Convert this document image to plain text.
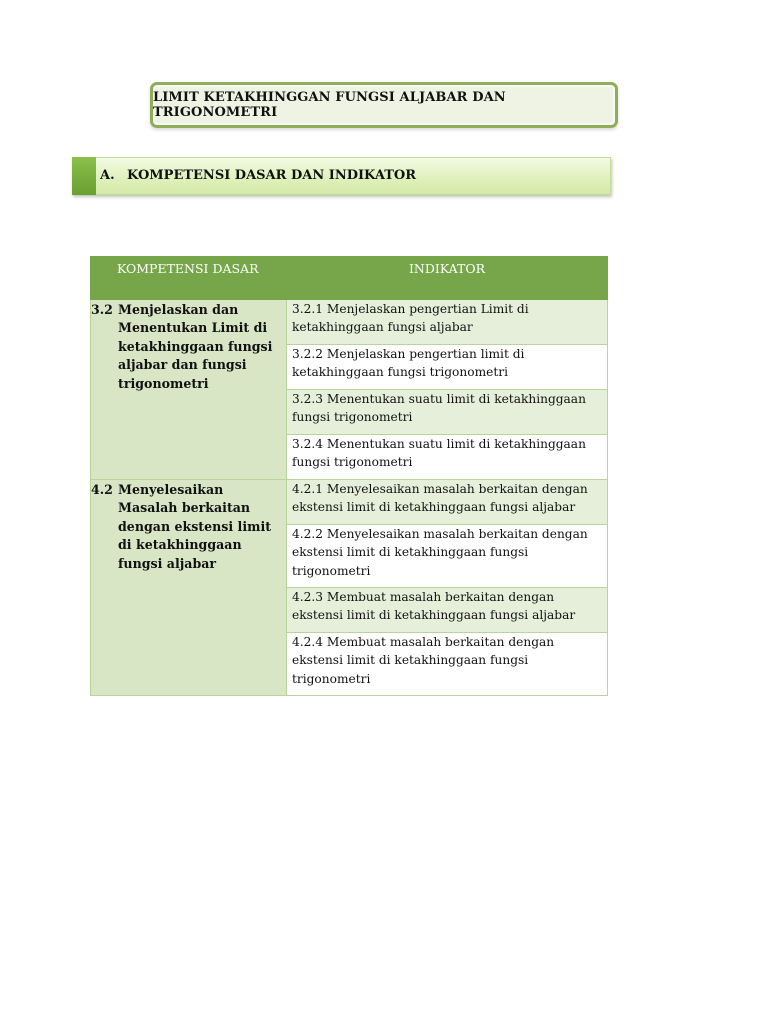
LIMIT KETAKHINGGAN FUNGSI ALJABAR DAN TRIGONOMETRI
A. KOMPETENSI DASAR DAN INDIKATOR
KOMPETENSI DASAR	INDIKATOR

3.2 Menjelaskan dan Menentukan Limit di ketakhinggaan fungsi aljabar dan fungsi trigonometri	3.2.1 Menjelaskan pengertian Limit di ketakhinggaan fungsi aljabar
	3.2.2 Menjelaskan pengertian limit di ketakhinggaan fungsi trigonometri
	3.2.3 Menentukan suatu limit di ketakhinggaan fungsi trigonometri
	3.2.4 Menentukan suatu limit di ketakhinggaan fungsi trigonometri

4.2 Menyelesaikan Masalah berkaitan dengan ekstensi limit di ketakhinggaan fungsi aljabar	4.2.1 Menyelesaikan masalah berkaitan dengan ekstensi limit di ketakhinggaan fungsi aljabar
	4.2.2 Menyelesaikan masalah berkaitan dengan ekstensi limit di ketakhinggaan fungsi trigonometri
	4.2.3 Membuat masalah berkaitan dengan ekstensi limit di ketakhinggaan fungsi aljabar
	4.2.4 Membuat masalah berkaitan dengan ekstensi limit di ketakhinggaan fungsi trigonometri
